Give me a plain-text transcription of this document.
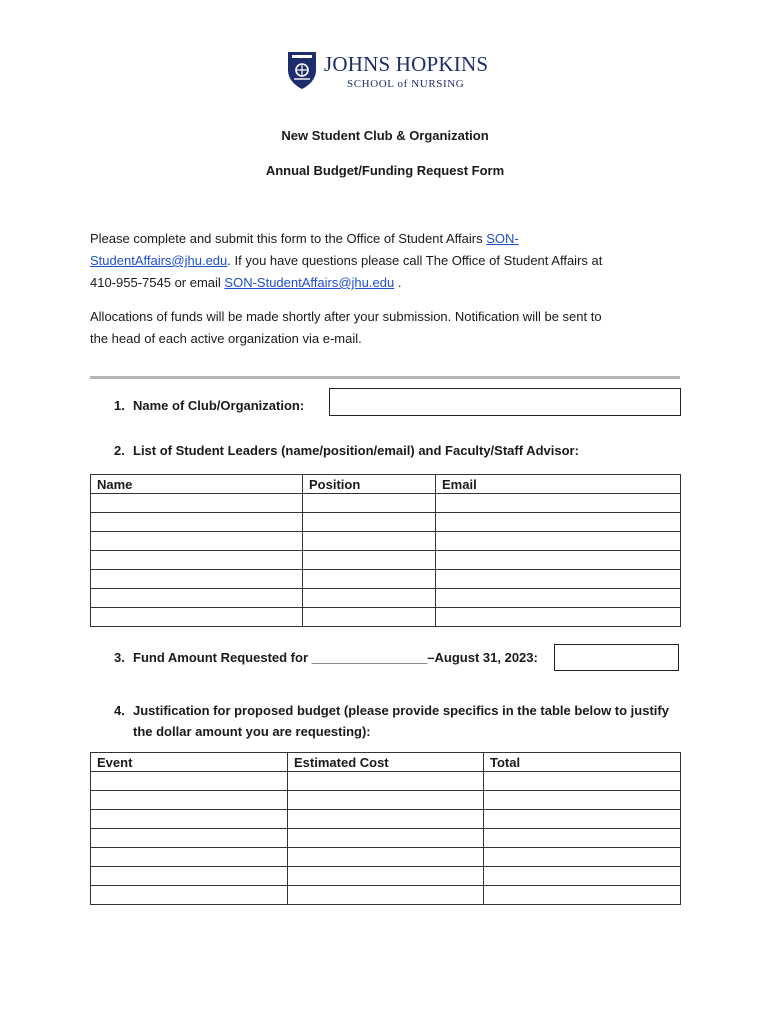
JOHNS HOPKINS
SCHOOL of NURSING
New Student Club & Organization
Annual Budget/Funding Request Form
Please complete and submit this form to the Office of Student Affairs SON-StudentAffairs@jhu.edu. If you have questions please call The Office of Student Affairs at 410-955-7545 or email SON-StudentAffairs@jhu.edu .
Allocations of funds will be made shortly after your submission. Notification will be sent to the head of each active organization via e-mail.
1. Name of Club/Organization:
2. List of Student Leaders (name/position/email) and Faculty/Staff Advisor:
Name	Position	Email

3. Fund Amount Requested for ________________–August 31, 2023:
4. Justification for proposed budget (please provide specifics in the table below to justify
the dollar amount you are requesting):
Event	Estimated Cost	Total
